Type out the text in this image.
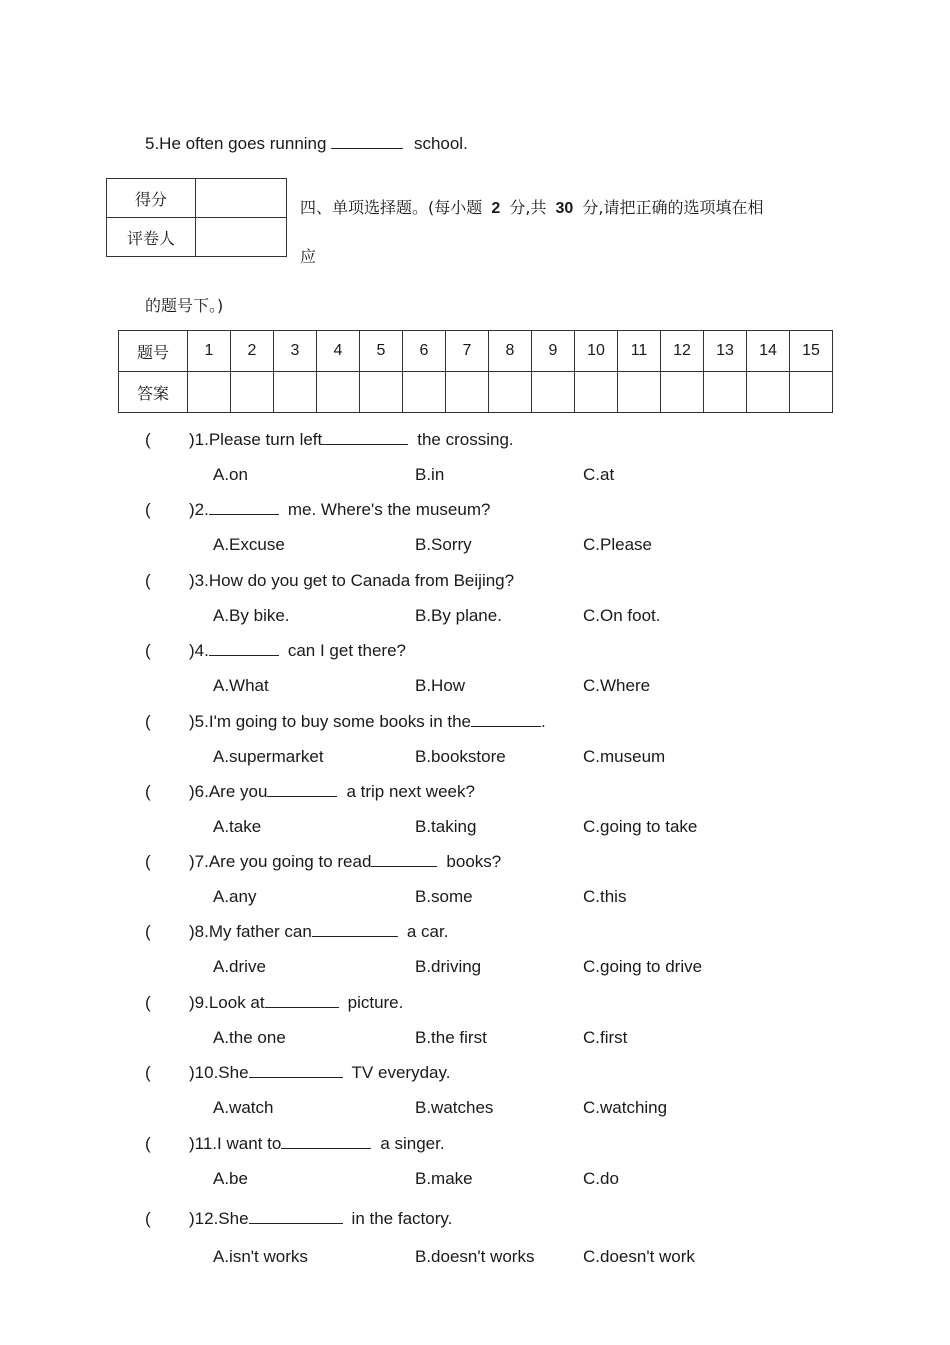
5.He often goes running	school.
得分	
评卷人	
四、单项选择题。(每小题 2 分,共 30 分,请把正确的选项填在相
应
的题号下。)
题号	1	2	3	4	5	6	7	8	9	10	11	12	13	14	15
答案															
( )1.Please turn left	the crossing.
A.on	B.in	C.at
( )2.	me. Where's the museum?
A.Excuse	B.Sorry	C.Please
( )3.How do you get to Canada from Beijing?
A.By bike.	B.By plane.	C.On foot.
( )4.	can I get there?
A.What	B.How	C.Where
( )5.I'm going to buy some books in the	.
A.supermarket	B.bookstore	C.museum
( )6.Are you	a trip next week?
A.take	B.taking	C.going to take
( )7.Are you going to read	books?
A.any	B.some	C.this
( )8.My father can	a car.
A.drive	B.driving	C.going to drive
( )9.Look at	picture.
A.the one	B.the first	C.first
( )10.She	TV everyday.
A.watch	B.watches	C.watching
( )11.I want to	a singer.
A.be	B.make	C.do
( )12.She	in the factory.
A.isn't works	B.doesn't works	C.doesn't work
